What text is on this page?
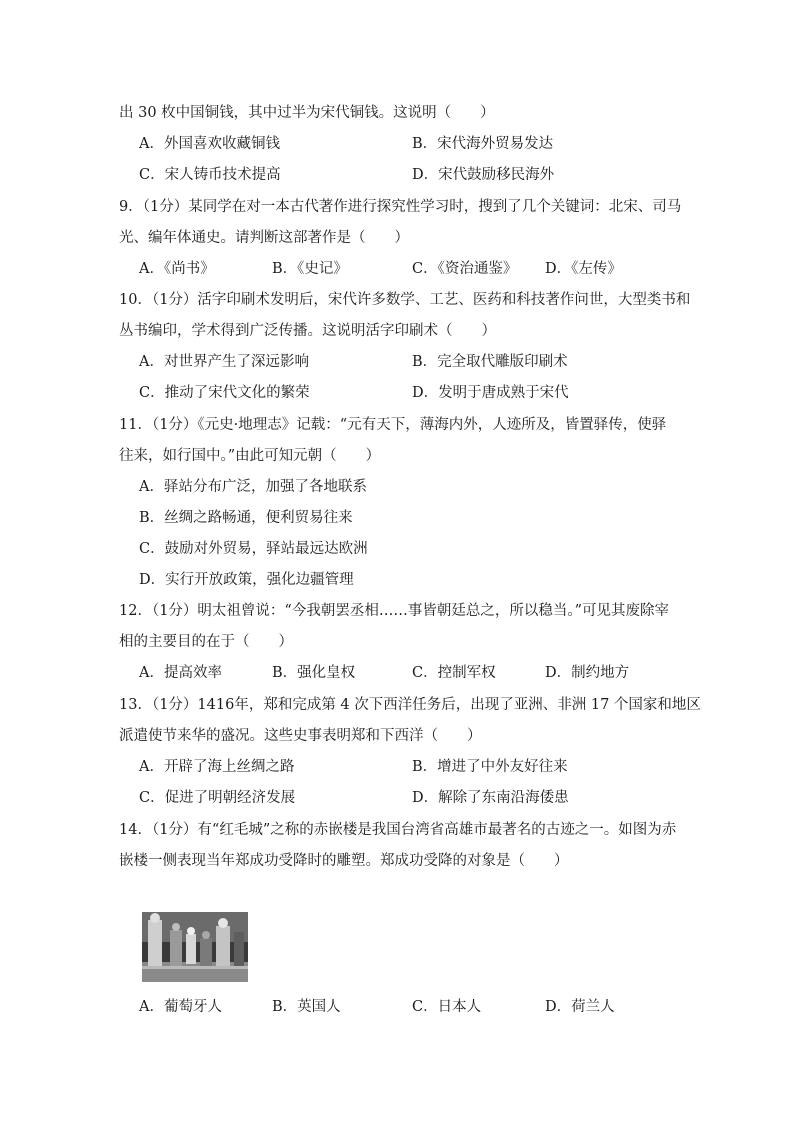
出 30 枚中国铜钱，其中过半为宋代铜钱。这说明（　　）
A．外国喜欢收藏铜钱	B．宋代海外贸易发达
C．宋人铸币技术提高	D．宋代鼓励移民海外
9．（1分）某同学在对一本古代著作进行探究性学习时，搜到了几个关键词：北宋、司马
光、编年体通史。请判断这部著作是（　　）
A．《尚书》	B．《史记》	C．《资治通鉴》 D．《左传》
10．（1分）活字印刷术发明后，宋代许多数学、工艺、医药和科技著作问世，大型类书和
丛书编印，学术得到广泛传播。这说明活字印刷术（　　）
A．对世界产生了深远影响	B．完全取代雕版印刷术
C．推动了宋代文化的繁荣	D．发明于唐成熟于宋代
11．（1分）《元史·地理志》记载：“元有天下，薄海内外，人迹所及，皆置驿传，使驿
往来，如行国中。”由此可知元朝（　　）
A．驿站分布广泛，加强了各地联系
B．丝绸之路畅通，便利贸易往来
C．鼓励对外贸易，驿站最远达欧洲
D．实行开放政策，强化边疆管理
12．（1分）明太祖曾说：“今我朝罢丞相……事皆朝廷总之，所以稳当。”可见其废除宰
相的主要目的在于（　　）
A．提高效率	B．强化皇权	C．控制军权	D．制约地方
13．（1分）1416年，郑和完成第 4 次下西洋任务后，出现了亚洲、非洲 17 个国家和地区
派遣使节来华的盛况。这些史事表明郑和下西洋（　　）
A．开辟了海上丝绸之路	B．增进了中外友好往来
C．促进了明朝经济发展	D．解除了东南沿海倭患
14．（1分）有“红毛城”之称的赤嵌楼是我国台湾省高雄市最著名的古迹之一。如图为赤
嵌楼一侧表现当年郑成功受降时的雕塑。郑成功受降的对象是（　　）
A．葡萄牙人	B．英国人	C．日本人	D．荷兰人
